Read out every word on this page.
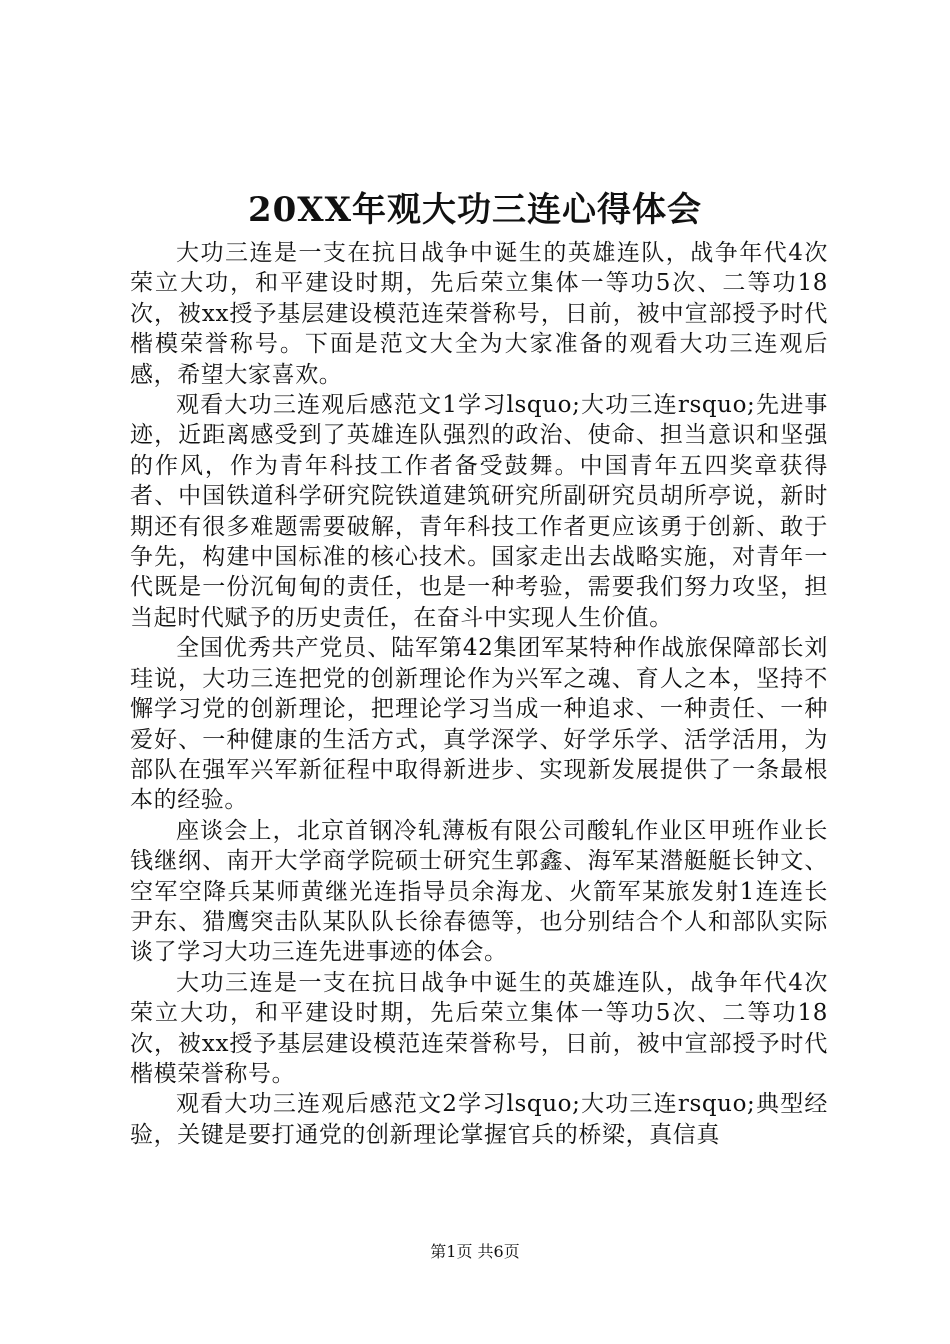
20XX年观大功三连心得体会

大功三连是一支在抗日战争中诞生的英雄连队，战争年代4次荣立大功，和平建设时期，先后荣立集体一等功5次、二等功18次，被xx授予基层建设模范连荣誉称号，日前，被中宣部授予时代楷模荣誉称号。下面是范文大全为大家准备的观看大功三连观后感，希望大家喜欢。

观看大功三连观后感范文1学习lsquo;大功三连rsquo;先进事迹，近距离感受到了英雄连队强烈的政治、使命、担当意识和坚强的作风，作为青年科技工作者备受鼓舞。中国青年五四奖章获得者、中国铁道科学研究院铁道建筑研究所副研究员胡所亭说，新时期还有很多难题需要破解，青年科技工作者更应该勇于创新、敢于争先，构建中国标准的核心技术。国家走出去战略实施，对青年一代既是一份沉甸甸的责任，也是一种考验，需要我们努力攻坚，担当起时代赋予的历史责任，在奋斗中实现人生价值。

全国优秀共产党员、陆军第42集团军某特种作战旅保障部长刘珪说，大功三连把党的创新理论作为兴军之魂、育人之本，坚持不懈学习党的创新理论，把理论学习当成一种追求、一种责任、一种爱好、一种健康的生活方式，真学深学、好学乐学、活学活用，为部队在强军兴军新征程中取得新进步、实现新发展提供了一条最根本的经验。

座谈会上，北京首钢冷轧薄板有限公司酸轧作业区甲班作业长钱继纲、南开大学商学院硕士研究生郭鑫、海军某潜艇艇长钟文、空军空降兵某师黄继光连指导员余海龙、火箭军某旅发射1连连长尹东、猎鹰突击队某队队长徐春德等，也分别结合个人和部队实际谈了学习大功三连先进事迹的体会。

大功三连是一支在抗日战争中诞生的英雄连队，战争年代4次荣立大功，和平建设时期，先后荣立集体一等功5次、二等功18次，被xx授予基层建设模范连荣誉称号，日前，被中宣部授予时代楷模荣誉称号。

观看大功三连观后感范文2学习lsquo;大功三连rsquo;典型经验，关键是要打通党的创新理论掌握官兵的桥梁，真信真

第1页 共6页
